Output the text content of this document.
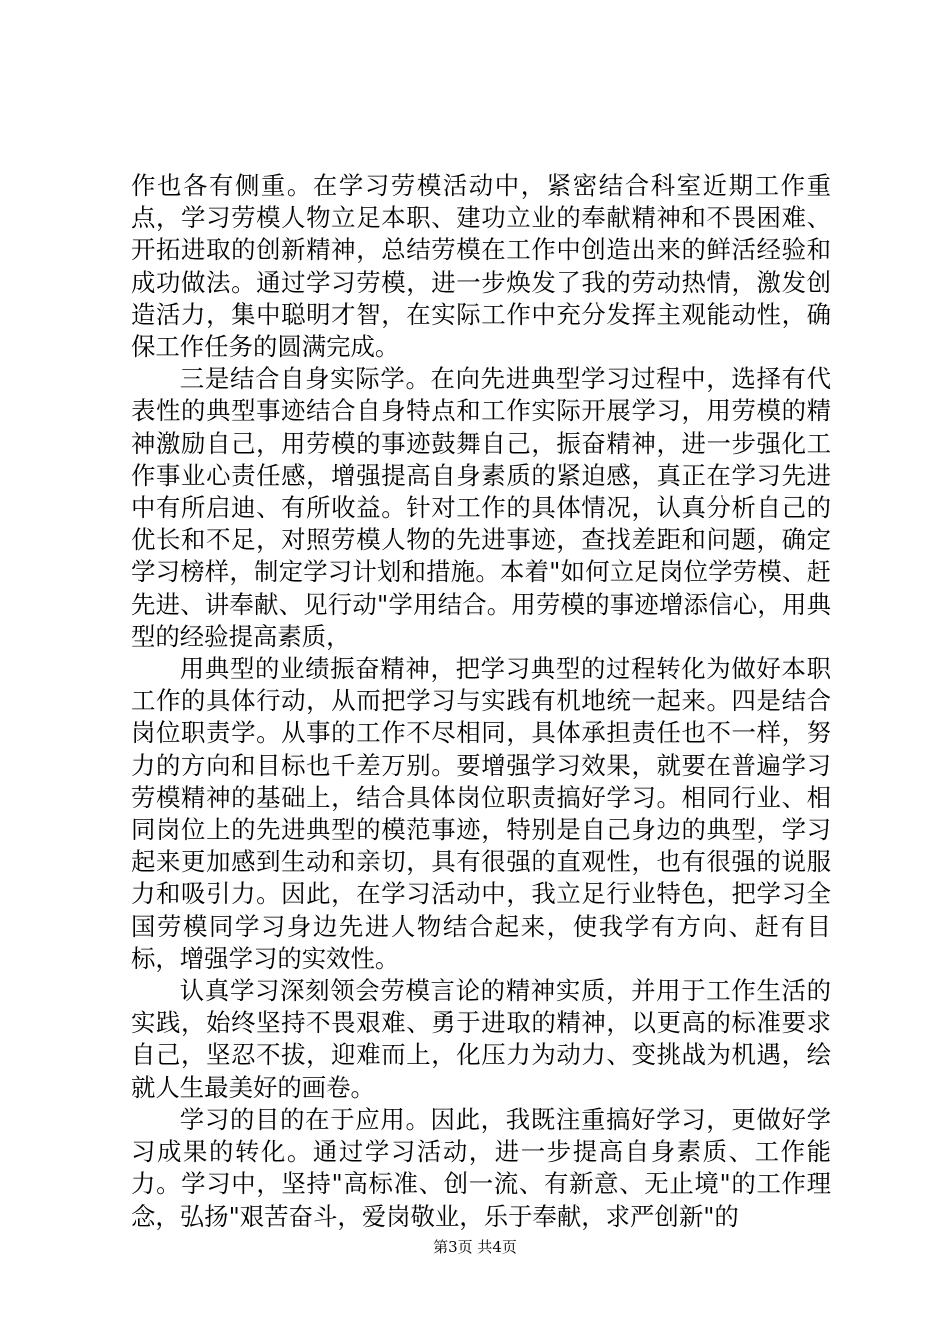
作也各有侧重。在学习劳模活动中，紧密结合科室近期工作重点，学习劳模人物立足本职、建功立业的奉献精神和不畏困难、开拓进取的创新精神，总结劳模在工作中创造出来的鲜活经验和成功做法。通过学习劳模，进一步焕发了我的劳动热情，激发创造活力，集中聪明才智，在实际工作中充分发挥主观能动性，确保工作任务的圆满完成。

三是结合自身实际学。在向先进典型学习过程中，选择有代表性的典型事迹结合自身特点和工作实际开展学习，用劳模的精神激励自己，用劳模的事迹鼓舞自己，振奋精神，进一步强化工作事业心责任感，增强提高自身素质的紧迫感，真正在学习先进中有所启迪、有所收益。针对工作的具体情况，认真分析自己的优长和不足，对照劳模人物的先进事迹，查找差距和问题，确定学习榜样，制定学习计划和措施。本着"如何立足岗位学劳模、赶先进、讲奉献、见行动"学用结合。用劳模的事迹增添信心，用典型的经验提高素质，

用典型的业绩振奋精神，把学习典型的过程转化为做好本职工作的具体行动，从而把学习与实践有机地统一起来。四是结合岗位职责学。从事的工作不尽相同，具体承担责任也不一样，努力的方向和目标也千差万别。要增强学习效果，就要在普遍学习劳模精神的基础上，结合具体岗位职责搞好学习。相同行业、相同岗位上的先进典型的模范事迹，特别是自己身边的典型，学习起来更加感到生动和亲切，具有很强的直观性，也有很强的说服力和吸引力。因此，在学习活动中，我立足行业特色，把学习全国劳模同学习身边先进人物结合起来，使我学有方向、赶有目标，增强学习的实效性。

认真学习深刻领会劳模言论的精神实质，并用于工作生活的实践，始终坚持不畏艰难、勇于进取的精神，以更高的标准要求自己，坚忍不拔，迎难而上，化压力为动力、变挑战为机遇，绘就人生最美好的画卷。

学习的目的在于应用。因此，我既注重搞好学习，更做好学习成果的转化。通过学习活动，进一步提高自身素质、工作能力。学习中，坚持"高标准、创一流、有新意、无止境"的工作理念，弘扬"艰苦奋斗，爱岗敬业，乐于奉献，求严创新"的

第3页 共4页
